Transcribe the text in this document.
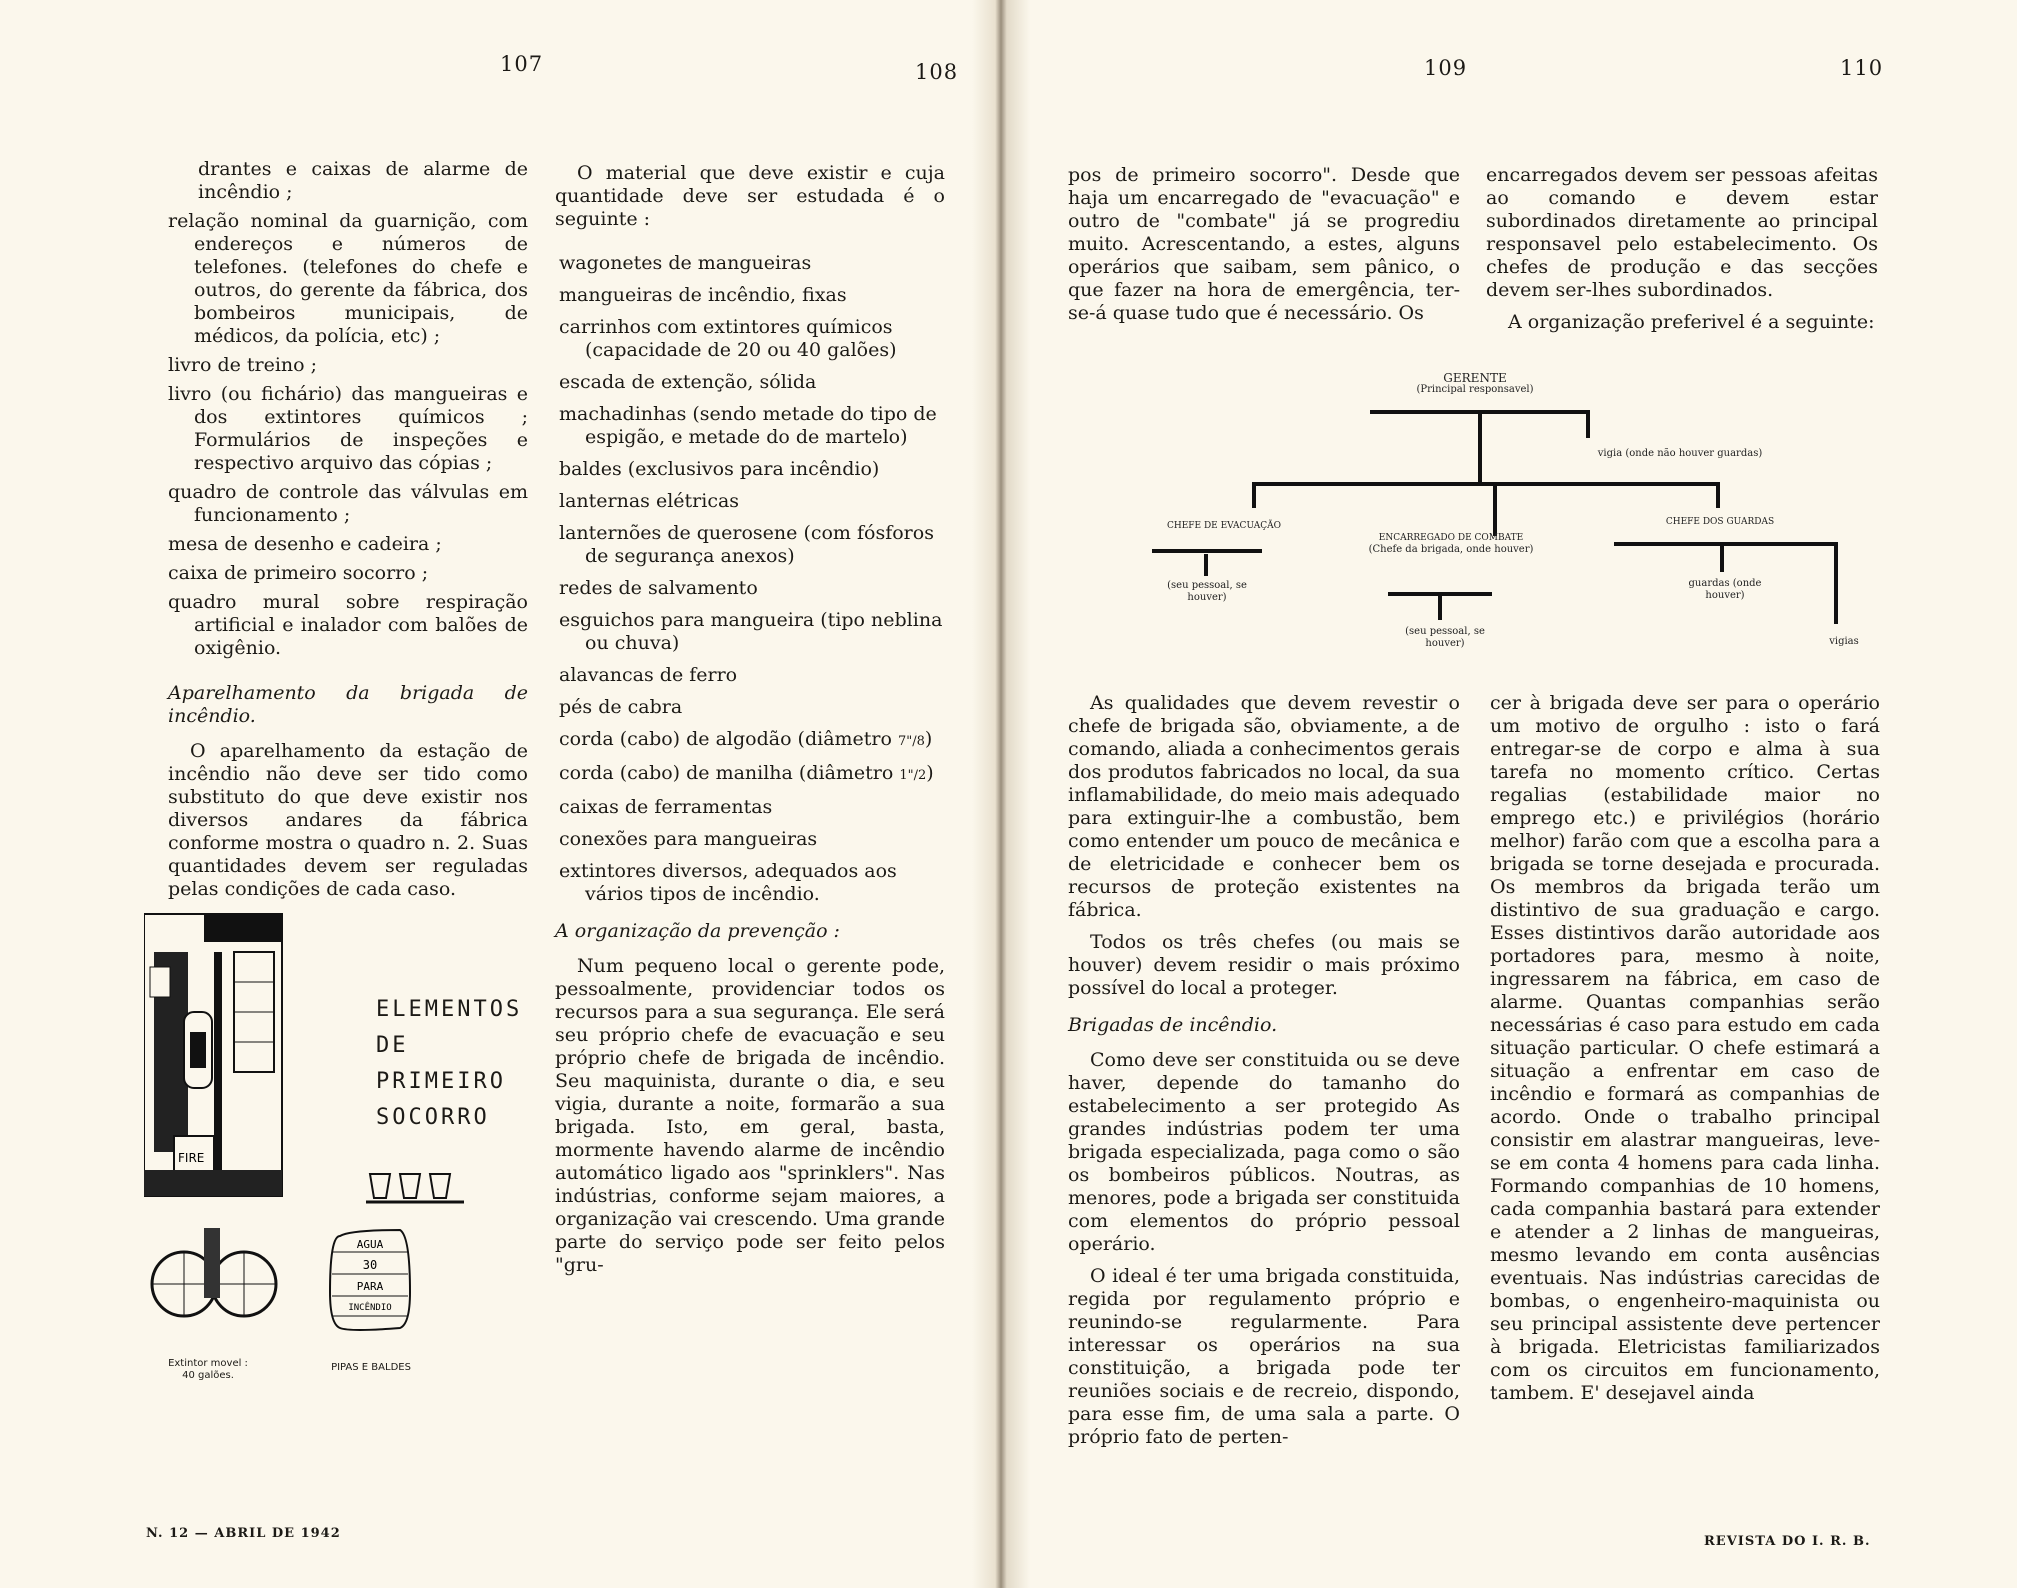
107	108
drantes e caixas de alarme de incêndio ;
relação nominal da guarnição, com endereços e números de telefones. (telefones do chefe e outros, do gerente da fábrica, dos bombeiros municipais, de médicos, da polícia, etc) ;
livro de treino ;
livro (ou fichário) das mangueiras e dos extintores químicos ; Formulários de inspeções e respectivo arquivo das cópias ;
quadro de controle das válvulas em funcionamento ;
mesa de desenho e cadeira ;
caixa de primeiro socorro ;
quadro mural sobre respiração artificial e inalador com balões de oxigênio.
Aparelhamento da brigada de incêndio.

O aparelhamento da estação de incêndio não deve ser tido como substituto do que deve existir nos diversos andares da fábrica conforme mostra o quadro n. 2. Suas quantidades devem ser reguladas pelas condições de cada caso.

FIRE
AGUA
30
PARA
INCÊNDIO
ELEMENTOS
DE PRIMEIRO
SOCORRO
Extintor movel :
40 galões.
PIPAS E BALDES

O material que deve existir e cuja quantidade deve ser estudada é o seguinte :

wagonetes de mangueiras
mangueiras de incêndio, fixas
carrinhos com extintores químicos (capacidade de 20 ou 40 galões)
escada de extenção, sólida
machadinhas (sendo metade do tipo de espigão, e metade do de martelo)
baldes (exclusivos para incêndio)
lanternas elétricas
lanternões de querosene (com fósforos de segurança anexos)
redes de salvamento
esguichos para mangueira (tipo neblina ou chuva)
alavancas de ferro
pés de cabra
corda (cabo) de algodão (diâmetro 7"/8)
corda (cabo) de manilha (diâmetro 1"/2)
caixas de ferramentas
conexões para mangueiras
extintores diversos, adequados aos vários tipos de incêndio.
A organização da prevenção :

Num pequeno local o gerente pode, pessoalmente, providenciar todos os recursos para a sua segurança. Ele será seu próprio chefe de evacuação e seu próprio chefe de brigada de incêndio. Seu maquinista, durante o dia, e seu vigia, durante a noite, formarão a sua brigada. Isto, em geral, basta, mormente havendo alarme de incêndio automático ligado aos "sprinklers". Nas indústrias, conforme sejam maiores, a organização vai crescendo. Uma grande parte do serviço pode ser feito pelos "gru-

N. 12 — ABRIL DE 1942
109	110

pos de primeiro socorro". Desde que haja um encarregado de "evacuação" e outro de "combate" já se progrediu muito. Acrescentando, a estes, alguns operários que saibam, sem pânico, o que fazer na hora de emergência, ter-se-á quase tudo que é necessário. Os

encarregados devem ser pessoas afeitas ao comando e devem estar subordinados diretamente ao principal responsavel pelo estabelecimento. Os chefes de produção e das secções devem ser-lhes subordinados.

A organização preferivel é a seguinte:

GERENTE
(Principal responsavel)
vigia (onde não houver guardas)
CHEFE DE EVACUAÇÃO
ENCARREGADO DE COMBATE
(Chefe da brigada, onde houver)
CHEFE DOS GUARDAS
(seu pessoal, se houver)
(seu pessoal, se houver)
guardas (onde houver)
vigias

As qualidades que devem revestir o chefe de brigada são, obviamente, a de comando, aliada a conhecimentos gerais dos produtos fabricados no local, da sua inflamabilidade, do meio mais adequado para extinguir-lhe a combustão, bem como entender um pouco de mecânica e de eletricidade e conhecer bem os recursos de proteção existentes na fábrica.

Todos os três chefes (ou mais se houver) devem residir o mais próximo possível do local a proteger.

Brigadas de incêndio.

Como deve ser constituida ou se deve haver, depende do tamanho do estabelecimento a ser protegido As grandes indústrias podem ter uma brigada especializada, paga como o são os bombeiros públicos. Noutras, as menores, pode a brigada ser constituida com elementos do próprio pessoal operário.

O ideal é ter uma brigada constituida, regida por regulamento próprio e reunindo-se regularmente. Para interessar os operários na sua constituição, a brigada pode ter reuniões sociais e de recreio, dispondo, para esse fim, de uma sala a parte. O próprio fato de perten-

cer à brigada deve ser para o operário um motivo de orgulho : isto o fará entregar-se de corpo e alma à sua tarefa no momento crítico. Certas regalias (estabilidade maior no emprego etc.) e privilégios (horário melhor) farão com que a escolha para a brigada se torne desejada e procurada. Os membros da brigada terão um distintivo de sua graduação e cargo. Esses distintivos darão autoridade aos portadores para, mesmo à noite, ingressarem na fábrica, em caso de alarme. Quantas companhias serão necessárias é caso para estudo em cada situação particular. O chefe estimará a situação a enfrentar em caso de incêndio e formará as companhias de acordo. Onde o trabalho principal consistir em alastrar mangueiras, leve-se em conta 4 homens para cada linha. Formando companhias de 10 homens, cada companhia bastará para extender e atender a 2 linhas de mangueiras, mesmo levando em conta ausências eventuais. Nas indústrias carecidas de bombas, o engenheiro-maquinista ou seu principal assistente deve pertencer à brigada. Eletricistas familiarizados com os circuitos em funcionamento, tambem. E' desejavel ainda

REVISTA DO I. R. B.
